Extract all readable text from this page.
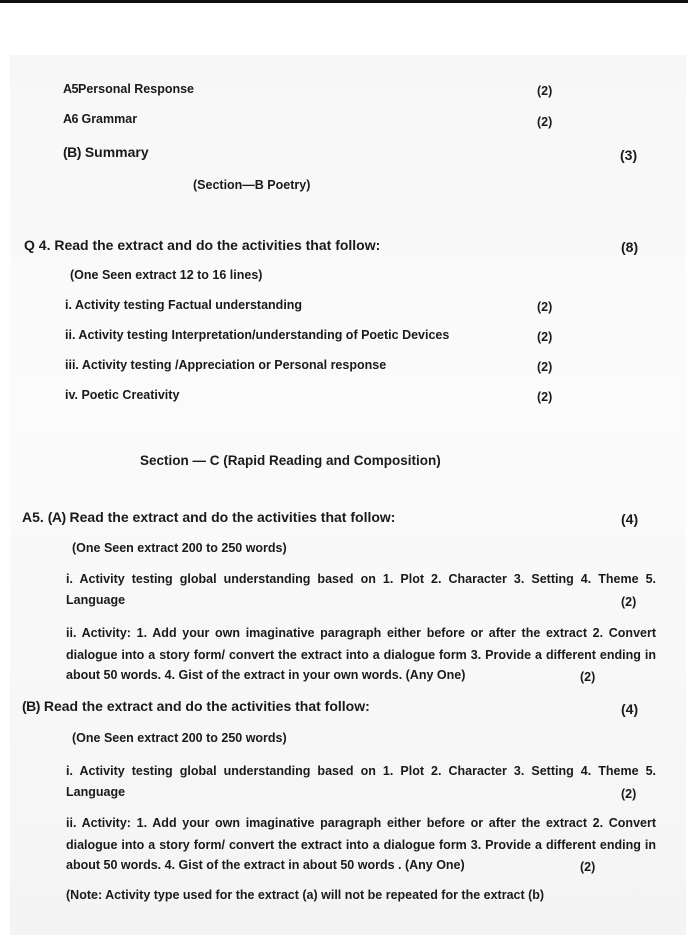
A5Personal Response	(2)
A6 Grammar	(2)
(B) Summary	(3)
(Section—B Poetry)
Q 4. Read the extract and do the activities that follow:	(8)
(One Seen extract 12 to 16 lines)
i. Activity testing Factual understanding	(2)
ii. Activity testing Interpretation/understanding of Poetic Devices	(2)
iii. Activity testing /Appreciation or Personal response	(2)
iv. Poetic Creativity	(2)
Section — C (Rapid Reading and Composition)
A5. (A) Read the extract and do the activities that follow:	(4)
(One Seen extract 200 to 250 words)
i. Activity testing global understanding based on 1. Plot 2. Character 3. Setting 4. Theme 5.
Language	(2)
ii. Activity: 1. Add your own imaginative paragraph either before or after the extract 2. Convert
dialogue into a story form/ convert the extract into a dialogue form 3. Provide a different ending in
about 50 words. 4. Gist of the extract in your own words. (Any One)	(2)
(B) Read the extract and do the activities that follow:	(4)
(One Seen extract 200 to 250 words)
i. Activity testing global understanding based on 1. Plot 2. Character 3. Setting 4. Theme 5.
Language	(2)
ii. Activity: 1. Add your own imaginative paragraph either before or after the extract 2. Convert
dialogue into a story form/ convert the extract into a dialogue form 3. Provide a different ending in
about 50 words. 4. Gist of the extract in about 50 words . (Any One)	(2)
(Note: Activity type used for the extract (a) will not be repeated for the extract (b)
